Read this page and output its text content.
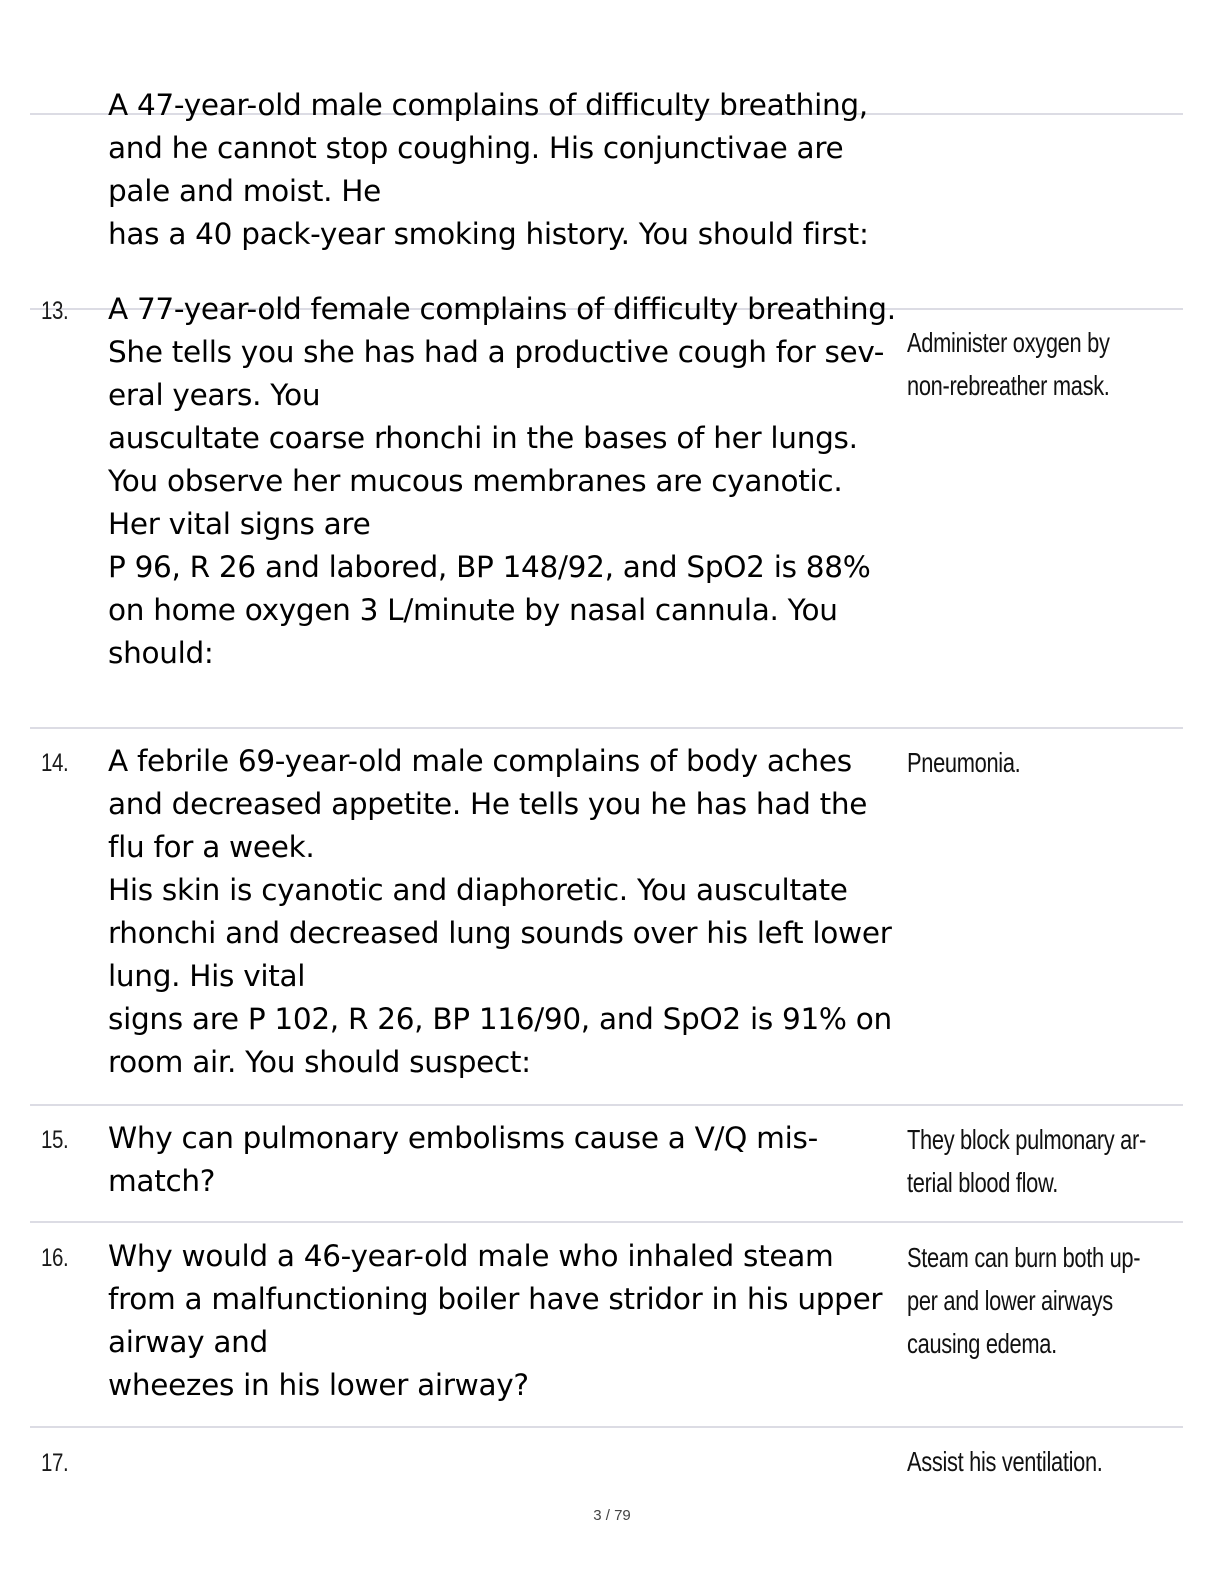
A 47-year-old male complains of difficulty breathing,
and he cannot stop coughing. His conjunctivae are
pale and moist. He
has a 40 pack-year smoking history. You should first:
13. A 77-year-old female complains of difficulty breathing.
She tells you she has had a productive cough for sev-
eral years. You
auscultate coarse rhonchi in the bases of her lungs.
You observe her mucous membranes are cyanotic.
Her vital signs are
P 96, R 26 and labored, BP 148/92, and SpO2 is 88%
on home oxygen 3 L/minute by nasal cannula. You
should:
Administer oxygen by
non-rebreather mask.
14. A febrile 69-year-old male complains of body aches
and decreased appetite. He tells you he has had the
flu for a week.
His skin is cyanotic and diaphoretic. You auscultate
rhonchi and decreased lung sounds over his left lower
lung. His vital
signs are P 102, R 26, BP 116/90, and SpO2 is 91% on
room air. You should suspect:
Pneumonia.
15. Why can pulmonary embolisms cause a V/Q mis-
match?
They block pulmonary ar-
terial blood flow.
16. Why would a 46-year-old male who inhaled steam
from a malfunctioning boiler have stridor in his upper
airway and
wheezes in his lower airway?
Steam can burn both up-
per and lower airways
causing edema.
17.	Assist his ventilation.
3 / 79
